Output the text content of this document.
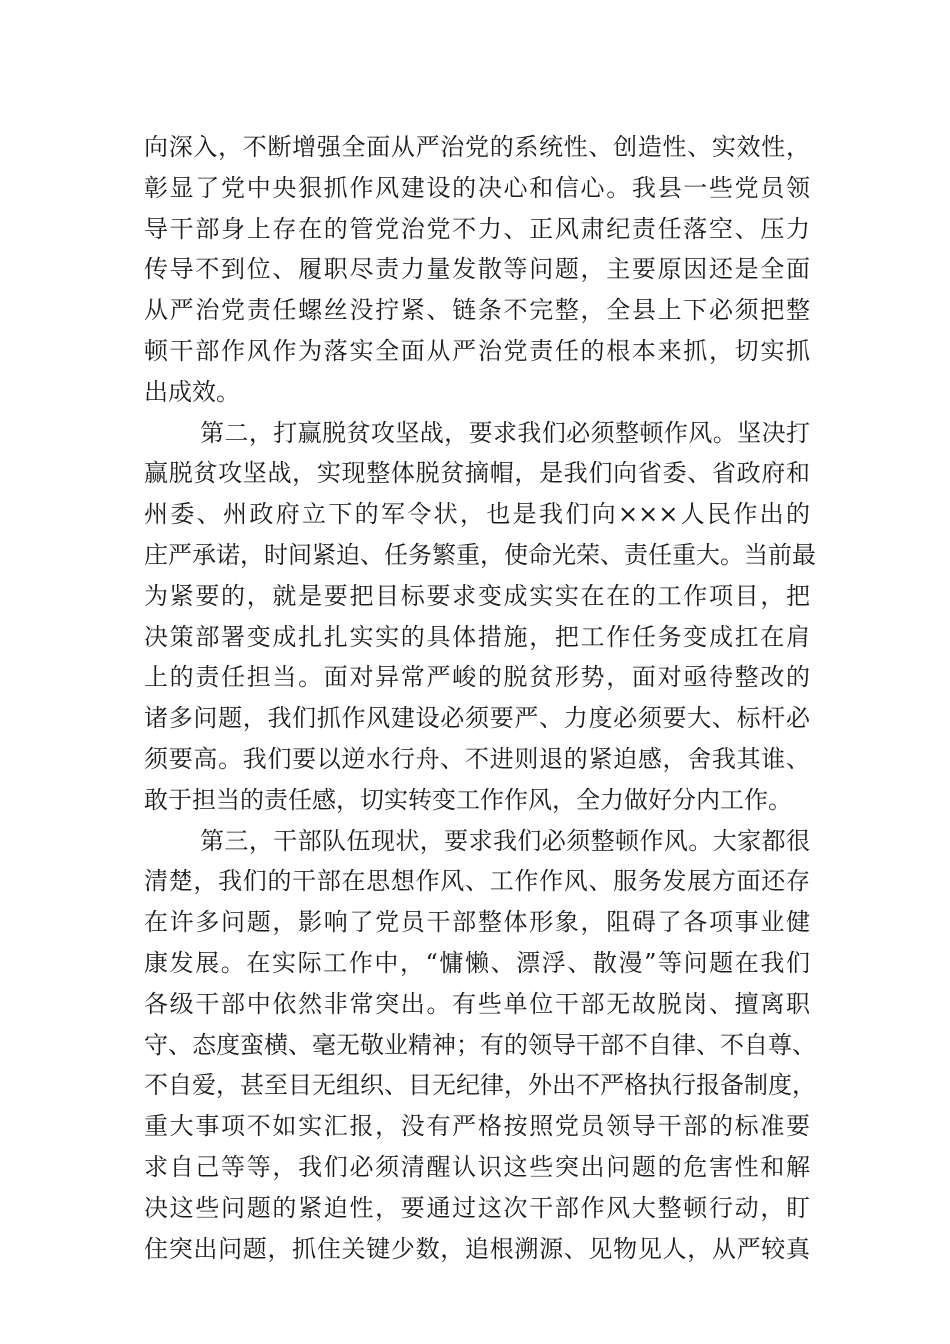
向深入，不断增强全面从严治党的系统性、创造性、实效性，
彰显了党中央狠抓作风建设的决心和信心。我县一些党员领
导干部身上存在的管党治党不力、正风肃纪责任落空、压力
传导不到位、履职尽责力量发散等问题，主要原因还是全面
从严治党责任螺丝没拧紧、链条不完整，全县上下必须把整
顿干部作风作为落实全面从严治党责任的根本来抓，切实抓
出成效。
第二，打赢脱贫攻坚战，要求我们必须整顿作风。坚决打
赢脱贫攻坚战，实现整体脱贫摘帽，是我们向省委、省政府和
州委、州政府立下的军令状，也是我们向×××人民作出的
庄严承诺，时间紧迫、任务繁重，使命光荣、责任重大。当前最
为紧要的，就是要把目标要求变成实实在在的工作项目，把
决策部署变成扎扎实实的具体措施，把工作任务变成扛在肩
上的责任担当。面对异常严峻的脱贫形势，面对亟待整改的
诸多问题，我们抓作风建设必须要严、力度必须要大、标杆必
须要高。我们要以逆水行舟、不进则退的紧迫感，舍我其谁、
敢于担当的责任感，切实转变工作作风，全力做好分内工作。
第三，干部队伍现状，要求我们必须整顿作风。大家都很
清楚，我们的干部在思想作风、工作作风、服务发展方面还存
在许多问题，影响了党员干部整体形象，阻碍了各项事业健
康发展。在实际工作中，“慵懒、漂浮、散漫”等问题在我们
各级干部中依然非常突出。有些单位干部无故脱岗、擅离职
守、态度蛮横、毫无敬业精神；有的领导干部不自律、不自尊、
不自爱，甚至目无组织、目无纪律，外出不严格执行报备制度，
重大事项不如实汇报，没有严格按照党员领导干部的标准要
求自己等等，我们必须清醒认识这些突出问题的危害性和解
决这些问题的紧迫性，要通过这次干部作风大整顿行动，盯
住突出问题，抓住关键少数，追根溯源、见物见人，从严较真
